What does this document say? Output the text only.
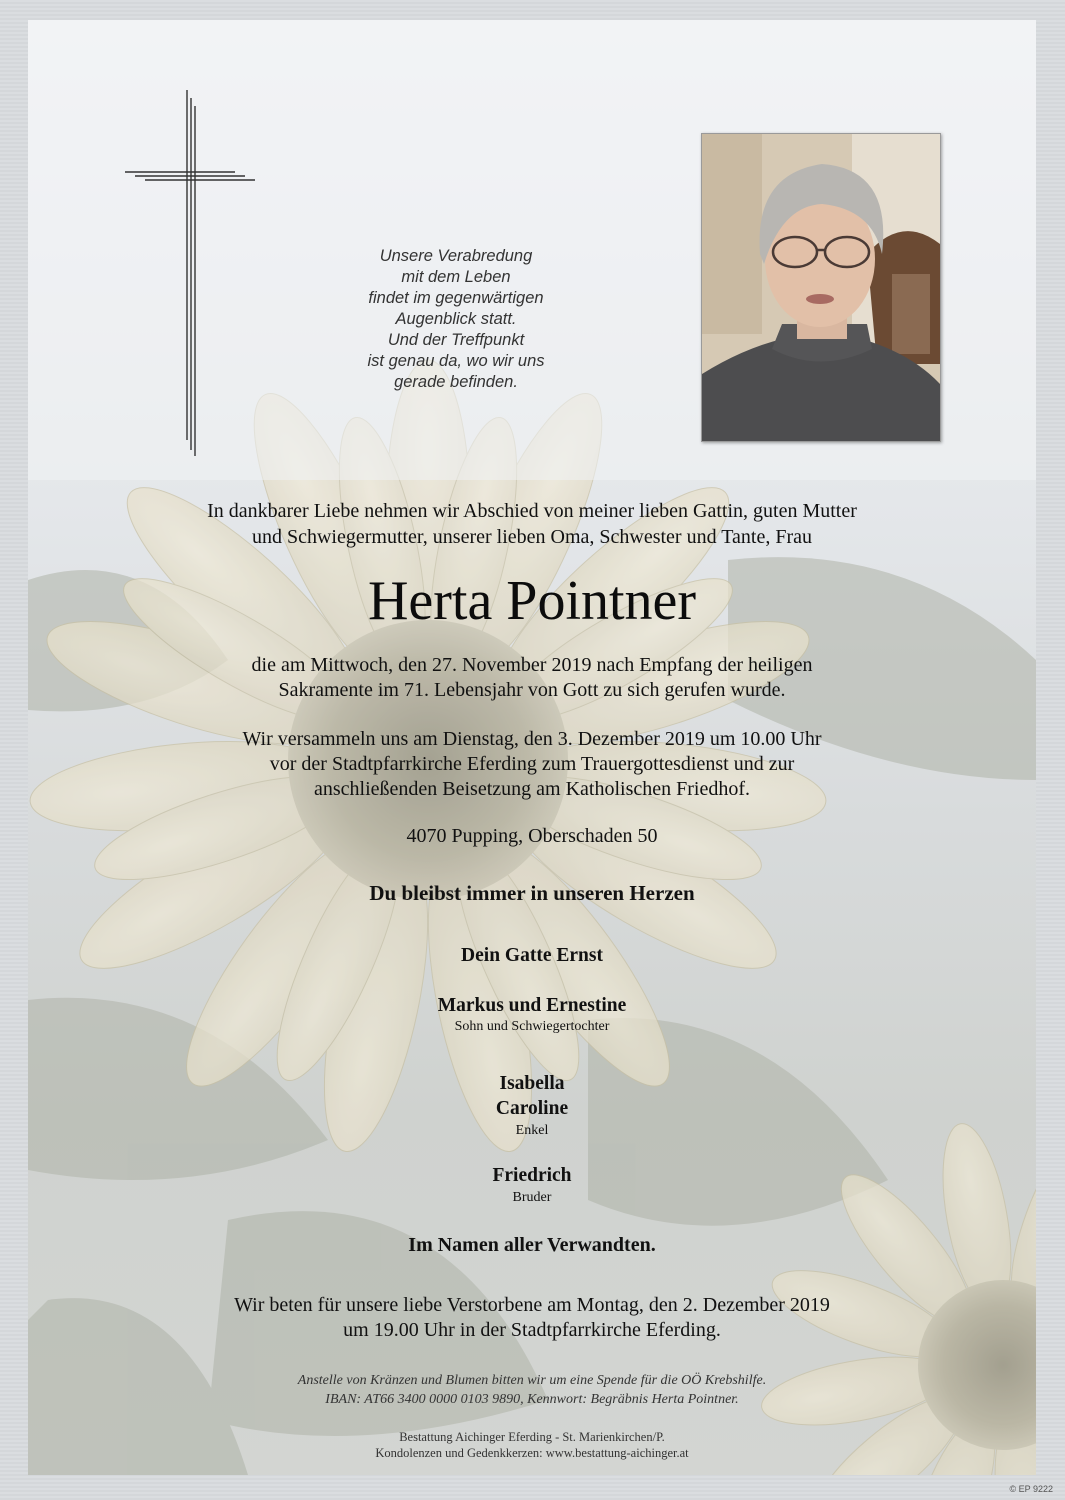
Unsere Verabredung
mit dem Leben
findet im gegenwärtigen
Augenblick statt.
Und der Treffpunkt
ist genau da, wo wir uns
gerade befinden.
In dankbarer Liebe nehmen wir Abschied von meiner lieben Gattin, guten Mutter
und Schwiegermutter, unserer lieben Oma, Schwester und Tante, Frau
Herta Pointner
die am Mittwoch, den 27. November 2019 nach Empfang der heiligen
Sakramente im 71. Lebensjahr von Gott zu sich gerufen wurde.
Wir versammeln uns am Dienstag, den 3. Dezember 2019 um 10.00 Uhr
vor der Stadtpfarrkirche Eferding zum Trauergottesdienst und zur
anschließenden Beisetzung am Katholischen Friedhof.
4070 Pupping, Oberschaden 50
Du bleibst immer in unseren Herzen
Dein Gatte Ernst
Markus und Ernestine
Sohn und Schwiegertochter
Isabella
Caroline
Enkel
Friedrich
Bruder
Im Namen aller Verwandten.
Wir beten für unsere liebe Verstorbene am Montag, den 2. Dezember 2019
um 19.00 Uhr in der Stadtpfarrkirche Eferding.
Anstelle von Kränzen und Blumen bitten wir um eine Spende für die OÖ Krebshilfe.
IBAN: AT66 3400 0000 0103 9890, Kennwort: Begräbnis Herta Pointner.
Bestattung Aichinger Eferding - St. Marienkirchen/P.
Kondolenzen und Gedenkkerzen: www.bestattung-aichinger.at
© EP 9222
